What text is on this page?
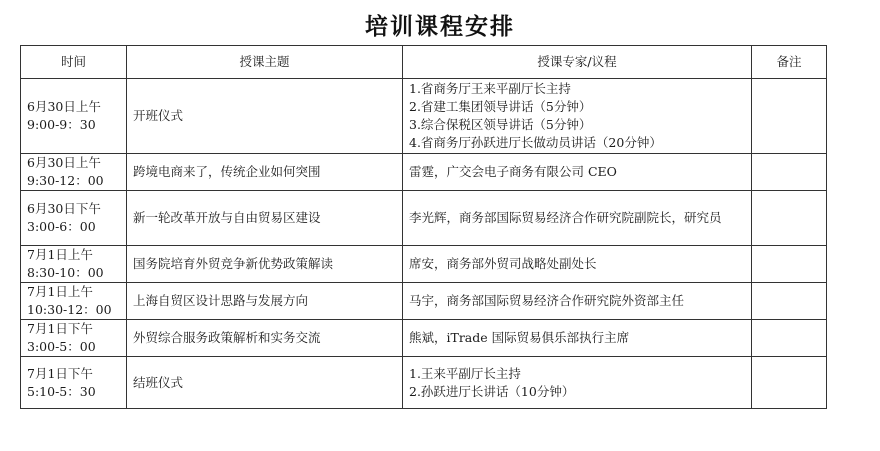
培训课程安排
时间	授课主题	授课专家/议程	备注

6月30日上午
9:00-9：30	开班仪式	1.省商务厅王来平副厅长主持
2.省建工集团领导讲话（5分钟）
3.综合保税区领导讲话（5分钟）
4.省商务厅孙跃进厅长做动员讲话（20分钟）	

6月30日上午
9:30-12：00	跨境电商来了，传统企业如何突围	雷霆，广交会电子商务有限公司 CEO	

6月30日下午
3:00-6：00	新一轮改革开放与自由贸易区建设	李光辉，商务部国际贸易经济合作研究院副院长，研究员	

7月1日上午
8:30-10：00	国务院培育外贸竞争新优势政策解读	席安，商务部外贸司战略处副处长	

7月1日上午
10:30-12：00	上海自贸区设计思路与发展方向	马宇，商务部国际贸易经济合作研究院外资部主任	

7月1日下午
3:00-5：00	外贸综合服务政策解析和实务交流	熊斌，iTrade 国际贸易俱乐部执行主席	

7月1日下午
5:10-5：30	结班仪式	1.王来平副厅长主持
2.孙跃进厅长讲话（10分钟）	
